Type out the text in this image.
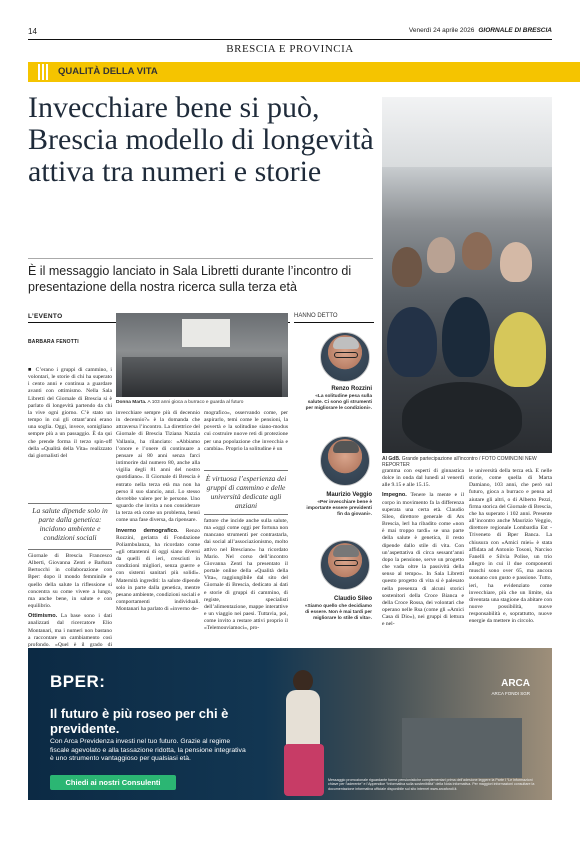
14	Venerdì 24 aprile 2026 GIORNALE DI BRESCIA
BRESCIA E PROVINCIA
QUALITÀ DELLA VITA
Invecchiare bene si può, Brescia modello di longevità attiva tra numeri e storie
È il messaggio lanciato in Sala Libretti durante l’incontro di presentazione della nostra ricerca sulla terza età
Al GdB. Grande partecipazione all’incontro / FOTO COMINCINI NEW REPORTER
L’EVENTO
BARBARA FENOTTI

■ C’erano i gruppi di cammino, i volontari, le storie di chi ha superato i cento anni e continua a guardare avanti con ottimismo. Nella Sala Libretti del Giornale di Brescia si è parlato di longevità partendo da chi la vive ogni giorno. C’è stato un tempo in cui gli ottant’anni erano una soglia. Oggi, invece, somigliano sempre più a un passaggio. È da qui che prende forma il terzo spin-off della «Qualità della Vita» realizzato dai giornalisti del

La salute dipende solo in parte dalla genetica: incidono ambiente e condizioni sociali

Giornale di Brescia Francesco Alberti, Giovanna Zenti e Barbara Bertocchi in collaborazione con Bper: dopo il mondo femminile e quello della salute la riflessione si concentra su come vivere a lungo, ma anche bene, in salute e con equilibrio.

Ottimismo. La base sono i dati analizzati dal ricercatore Elio Montanari, ma i numeri non bastano a raccontare un cambiamento così profondo. «Quel è il grado di

Donna Marta. A 103 anni gioca a burraco e guarda al futuro

invecchiare sempre più di decennio in decennio?» è la domanda che attraversa l’incontro. La direttrice del Giornale di Brescia Tiziana Nazzia Vallania, ha rilanciato: «Abbiamo l’onore e l’onere di continuare a pensare ai 80 anni senza farci intimorire dal numero 80, anche alla vigilia degli 81 anni del nostro quotidiano». Il Giornale di Brescia è entrato nella terza età ma non ha perso il suo slancio, anzi. Lo stesso dovrebbe valere per le persone. Uno sguardo che invita a non considerare la terza età come un problema, bensì come una fase diversa, da ripensare.

Inverno demografico. Renzo Rozzini, geriatra di Fondazione Poliambulanza, ha ricordato come «gli ottantenni di oggi siano diversi da quelli di ieri, cresciuti in condizioni migliori, senza guerre e con sistemi sanitari più solidi». Maternità ingrediti: la salute dipende solo in parte dalla genetica, mentre pesano ambiente, condizioni sociali e comportamenti individuali. Montanari ha parlato di «inverno de-

mografico», osservando come, per aspirarlo, temi come le pensioni, la povertà e la solitudine siano-modus cui costruire nuove reti di protezione per una popolazione che invecchia e cambia». Proprio la solitudine è un

È virtuosa l’esperienza dei gruppi di cammino e delle università dedicate agli anziani

fattore che incide anche sulla salute, ma «oggi come oggi per fortuna non mancano strumenti per contrastarla, dai social all’associazionismo, molto attivo nel Bresciano» ha ricordato Mario. Nel corso dell’incontro Giovanna Zenti ha presentato il portale online della «Qualità della Vita», raggiungibile dal sito del Giornale di Brescia, dedicato ai dati e storie di gruppi di cammino, di registe, specialisti dell’alimentazione, mappe interattive e un viaggio nei paesi. Tuttavia, poi, come invito a restare attivi proprio il «Telemouviamoci», pro-

HANNO DETTO
Renzo Rozzini
«La solitudine pesa sulla salute. Ci sono gli strumenti per migliorare le condizioni».
Maurizio Veggio
«Per invecchiare bene è importante essere previdenti fin da giovani».
Claudio Sileo
«Siamo quello che decidiamo di essere. Non è mai tardi per migliorare lo stile di vita».

gramma con esperti di ginnastica dolce in onda dal lunedì al venerdì alle 9.15 e alle 15.15.

Impegno. Tenere la mente e il corpo in movimento fa la differenza superata una certa età. Claudio Sileo, direttore generale di Ats Brescia, lerl ha ribadito come «non è mai troppo tardi» se una parte della salute è genetica, il resto dipende dallo stile di vita. Con un’aspettativa di circa sessant’anni dopo la pensione, serve un progetto che vada oltre la passività della senso al tempo». In Sala Libretti questo progetto di vita si è palesato nella presenza di alcuni storici sostenitori della Croce Bianca e della Croce Rossa, dei volontari che operano nelle Rsa (come gli «Amici Casa di Dio»), nei gruppi di lettura e nel-

le università della terza età. E nelle storie, come quella di Marta Damiano, 103 anni, che però sul futuro, gioca a burraco e pensa ad aiutare gli altri, o di Alberto Pezzi, firma storica del Giornale di Brescia, che ha superato i 102 anni. Presente all’incontro anche Maurizio Veggio, direttore regionale Lombardia Est - Triveneto di Bper Banca. La chiusura con «Amici miei» è stata affidata ad Antonio Tosoni, Narciso Fanelli e Silvia Polise, un trio allegro in cui il due componenti muschi sono over 65, ma ancora suonano con gusto e passione. Tutto, ieri, ha evidenziato come invecchiare, più che un limite, sia diventata una stagione da abitare con nuove possibilità, nuove responsabilità e, soprattutto, nuove energie da mettere in circolo.

BPER:
Il futuro è più roseo per chi è previdente.
Con Arca Previdenza investi nel tuo futuro. Grazie al regime fiscale agevolato e alla tassazione ridotta, la pensione integrativa è uno strumento vantaggioso per qualsiasi età.
Chiedi ai nostri Consulenti
ARCA
ARCA FONDI SGR
Messaggio promozionale riguardante forme pensionistiche complementari prima dell’adesione leggere la Parte I “Le informazioni chiave per l’aderente” e l’Appendice “Informativa sulla sostenibilità” della Nota informativa. Per maggiori informazioni consultare la documentazione informativa ufficiale disponibile sul sito internet www.arcafondi.it.
